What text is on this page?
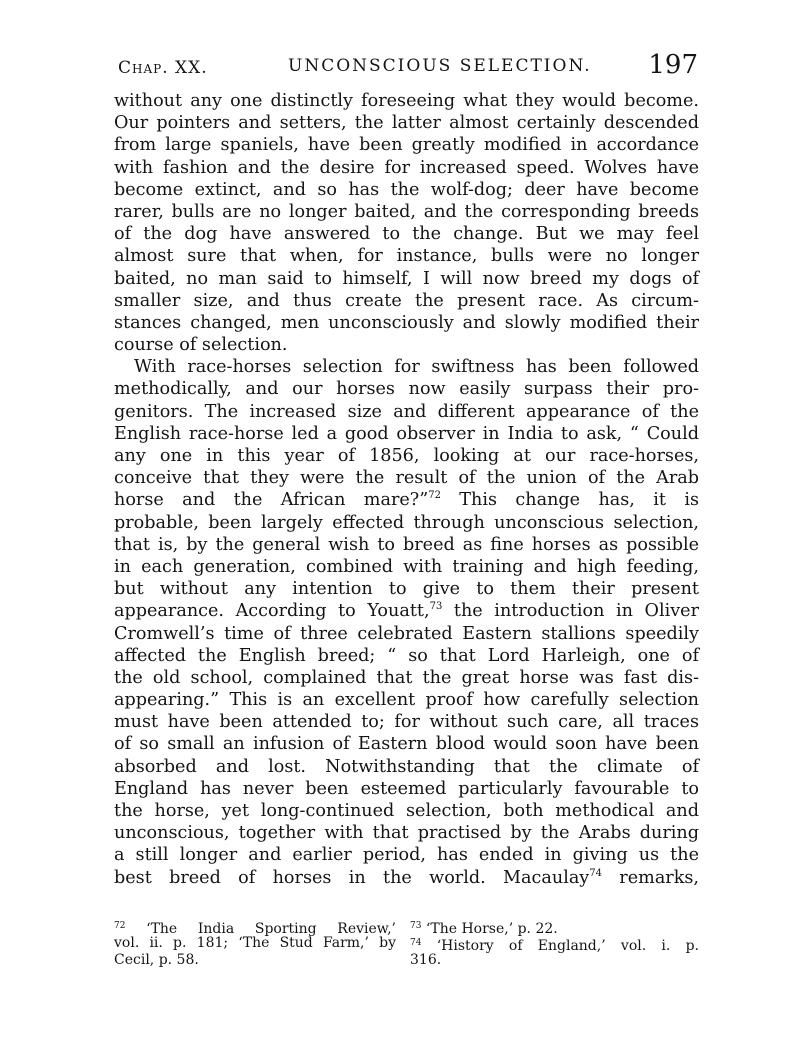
Chap. XX.	UNCONSCIOUS SELECTION. 197
without any one distinctly foreseeing what they would become.
Our pointers and setters, the latter almost certainly descended
from large spaniels, have been greatly modified in accordance
with fashion and the desire for increased speed. Wolves have
become extinct, and so has the wolf-dog; deer have become
rarer, bulls are no longer baited, and the corresponding breeds
of the dog have answered to the change. But we may feel
almost sure that when, for instance, bulls were no longer
baited, no man said to himself, I will now breed my dogs of
smaller size, and thus create the present race. As circum-
stances changed, men unconsciously and slowly modified their
course of selection.
With race-horses selection for swiftness has been followed
methodically, and our horses now easily surpass their pro-
genitors. The increased size and different appearance of the
English race-horse led a good observer in India to ask, “ Could
any one in this year of 1856, looking at our race-horses,
conceive that they were the result of the union of the Arab
horse and the African mare?”$^{72}$ This change has, it is
probable, been largely effected through unconscious selection,
that is, by the general wish to breed as fine horses as possible
in each generation, combined with training and high feeding,
but without any intention to give to them their present
appearance. According to Youatt,$^{73}$ the introduction in Oliver
Cromwell’s time of three celebrated Eastern stallions speedily
affected the English breed; “ so that Lord Harleigh, one of
the old school, complained that the great horse was fast dis-
appearing.” This is an excellent proof how carefully selection
must have been attended to; for without such care, all traces
of so small an infusion of Eastern blood would soon have been
absorbed and lost. Notwithstanding that the climate of
England has never been esteemed particularly favourable to
the horse, yet long-continued selection, both methodical and
unconscious, together with that practised by the Arabs during
a still longer and earlier period, has ended in giving us the
best breed of horses in the world. Macaulay$^{74}$ remarks,
$^{72}$ ‘The India Sporting Review,’
vol. ii. p. 181; ‘The Stud Farm,’ by
Cecil, p. 58.
$^{73}$ ‘The Horse,’ p. 22.
$^{74}$ ‘History of England,’ vol. i. p.
316.
